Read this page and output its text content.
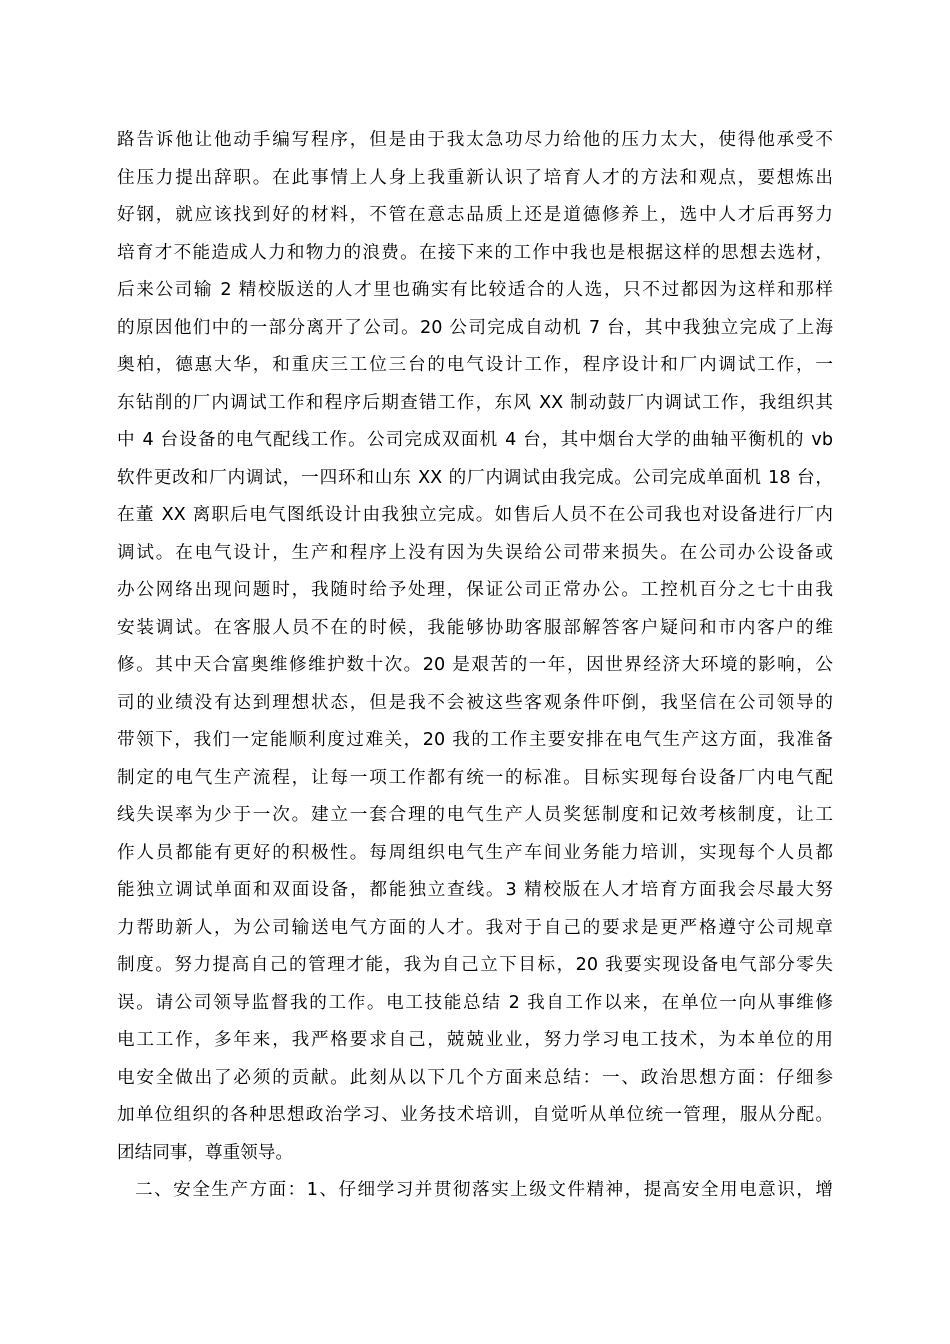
路告诉他让他动手编写程序，但是由于我太急功尽力给他的压力太大，使得他承受不
住压力提出辞职。在此事情上人身上我重新认识了培育人才的方法和观点，要想炼出
好钢，就应该找到好的材料，不管在意志品质上还是道德修养上，选中人才后再努力
培育才不能造成人力和物力的浪费。在接下来的工作中我也是根据这样的思想去选材，
后来公司输 2 精校版送的人才里也确实有比较适合的人选，只不过都因为这样和那样
的原因他们中的一部分离开了公司。20 公司完成自动机 7 台，其中我独立完成了上海
奥柏，德惠大华，和重庆三工位三台的电气设计工作，程序设计和厂内调试工作，一
东钻削的厂内调试工作和程序后期查错工作，东风 XX 制动鼓厂内调试工作，我组织其
中 4 台设备的电气配线工作。公司完成双面机 4 台，其中烟台大学的曲轴平衡机的 vb
软件更改和厂内调试，一四环和山东 XX 的厂内调试由我完成。公司完成单面机 18 台，
在董 XX 离职后电气图纸设计由我独立完成。如售后人员不在公司我也对设备进行厂内
调试。在电气设计，生产和程序上没有因为失误给公司带来损失。在公司办公设备或
办公网络出现问题时，我随时给予处理，保证公司正常办公。工控机百分之七十由我
安装调试。在客服人员不在的时候，我能够协助客服部解答客户疑问和市内客户的维
修。其中天合富奥维修维护数十次。20 是艰苦的一年，因世界经济大环境的影响，公
司的业绩没有达到理想状态，但是我不会被这些客观条件吓倒，我坚信在公司领导的
带领下，我们一定能顺利度过难关，20 我的工作主要安排在电气生产这方面，我准备
制定的电气生产流程，让每一项工作都有统一的标准。目标实现每台设备厂内电气配
线失误率为少于一次。建立一套合理的电气生产人员奖惩制度和记效考核制度，让工
作人员都能有更好的积极性。每周组织电气生产车间业务能力培训，实现每个人员都
能独立调试单面和双面设备，都能独立查线。3 精校版在人才培育方面我会尽最大努
力帮助新人，为公司输送电气方面的人才。我对于自己的要求是更严格遵守公司规章
制度。努力提高自己的管理才能，我为自己立下目标，20 我要实现设备电气部分零失
误。请公司领导监督我的工作。电工技能总结 2 我自工作以来，在单位一向从事维修
电工工作，多年来，我严格要求自己，兢兢业业，努力学习电工技术，为本单位的用
电安全做出了必须的贡献。此刻从以下几个方面来总结：一、政治思想方面：仔细参
加单位组织的各种思想政治学习、业务技术培训，自觉听从单位统一管理，服从分配。
团结同事，尊重领导。
二、安全生产方面：1、仔细学习并贯彻落实上级文件精神，提高安全用电意识，增
